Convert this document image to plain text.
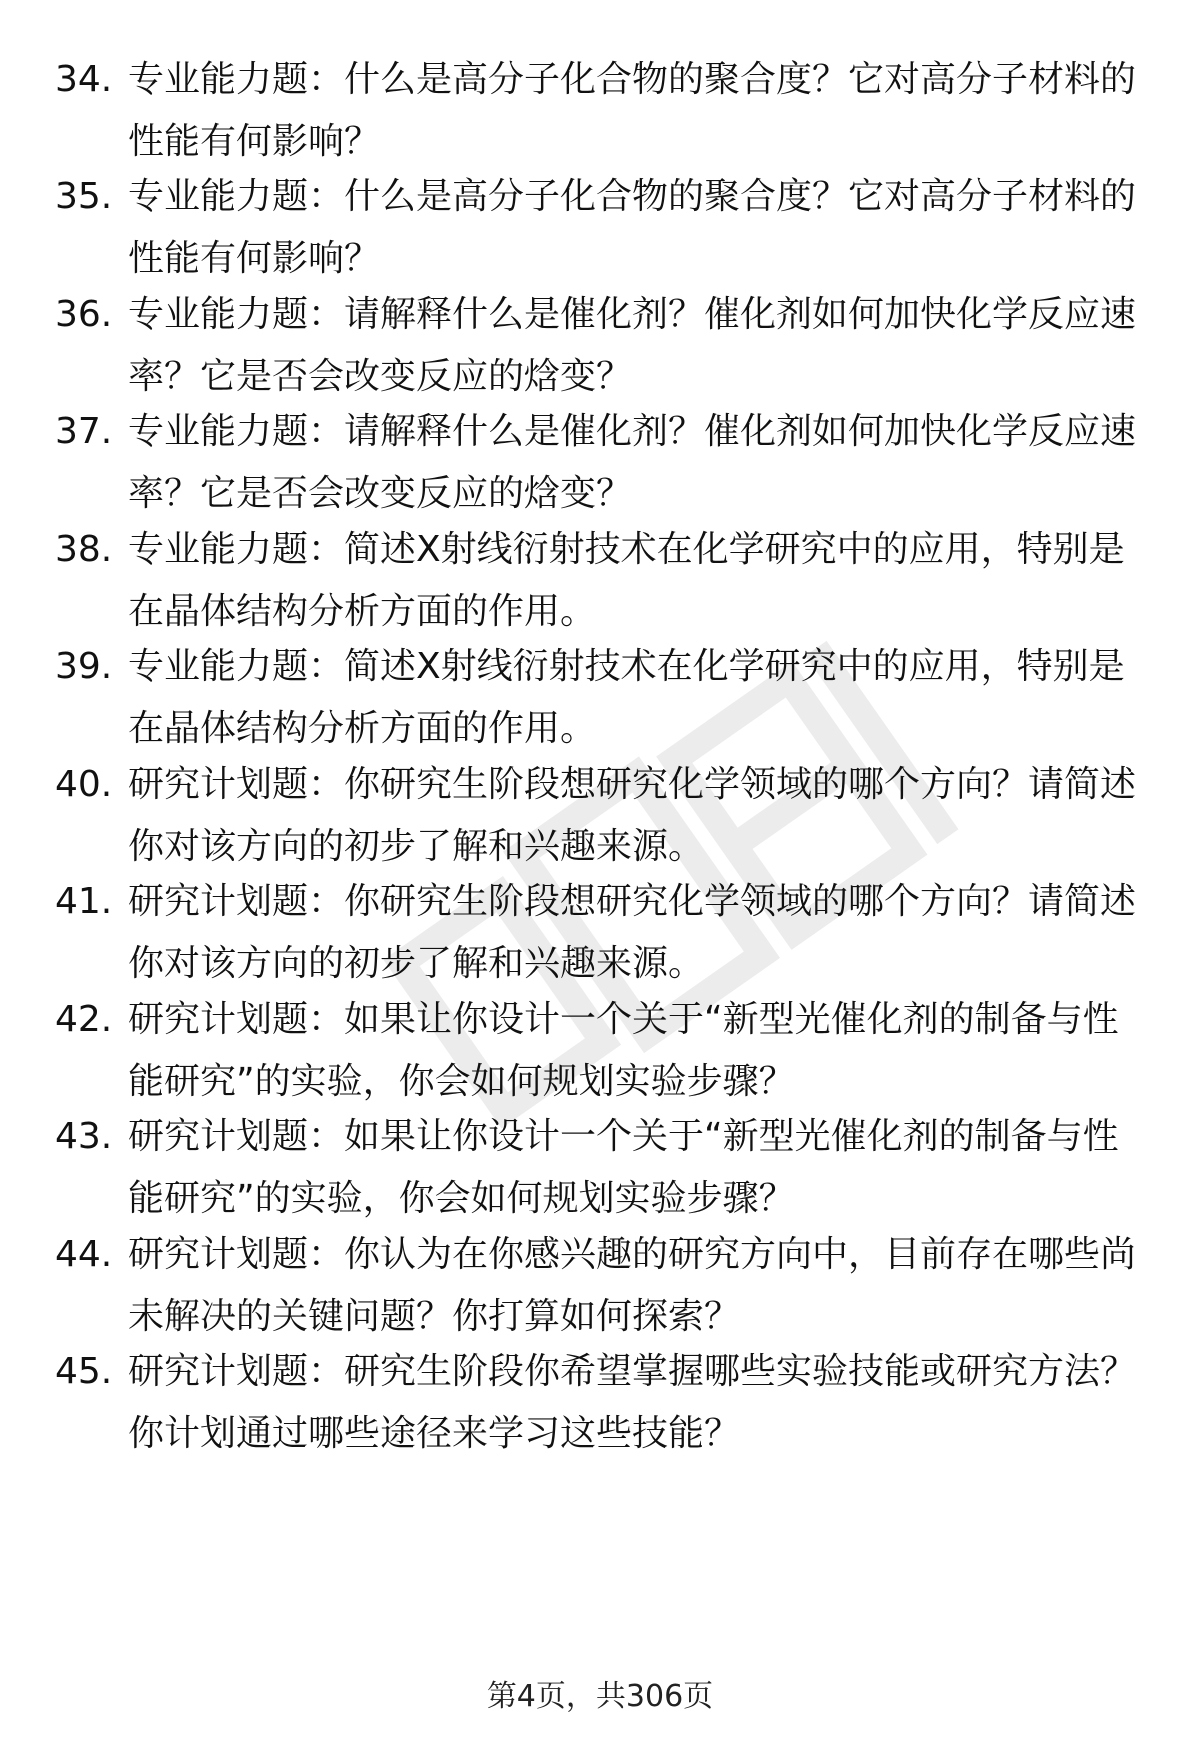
34. 专业能力题：什么是高分子化合物的聚合度？它对高分子材料的
性能有何影响？
35. 专业能力题：什么是高分子化合物的聚合度？它对高分子材料的
性能有何影响？
36. 专业能力题：请解释什么是催化剂？催化剂如何加快化学反应速
率？它是否会改变反应的焓变？
37. 专业能力题：请解释什么是催化剂？催化剂如何加快化学反应速
率？它是否会改变反应的焓变？
38. 专业能力题：简述X射线衍射技术在化学研究中的应用，特别是
在晶体结构分析方面的作用。
39. 专业能力题：简述X射线衍射技术在化学研究中的应用，特别是
在晶体结构分析方面的作用。
40. 研究计划题：你研究生阶段想研究化学领域的哪个方向？请简述
你对该方向的初步了解和兴趣来源。
41. 研究计划题：你研究生阶段想研究化学领域的哪个方向？请简述
你对该方向的初步了解和兴趣来源。
42. 研究计划题：如果让你设计一个关于“新型光催化剂的制备与性
能研究”的实验，你会如何规划实验步骤？
43. 研究计划题：如果让你设计一个关于“新型光催化剂的制备与性
能研究”的实验，你会如何规划实验步骤？
44. 研究计划题：你认为在你感兴趣的研究方向中，目前存在哪些尚
未解决的关键问题？你打算如何探索？
45. 研究计划题：研究生阶段你希望掌握哪些实验技能或研究方法？
你计划通过哪些途径来学习这些技能？
第4页，共306页
